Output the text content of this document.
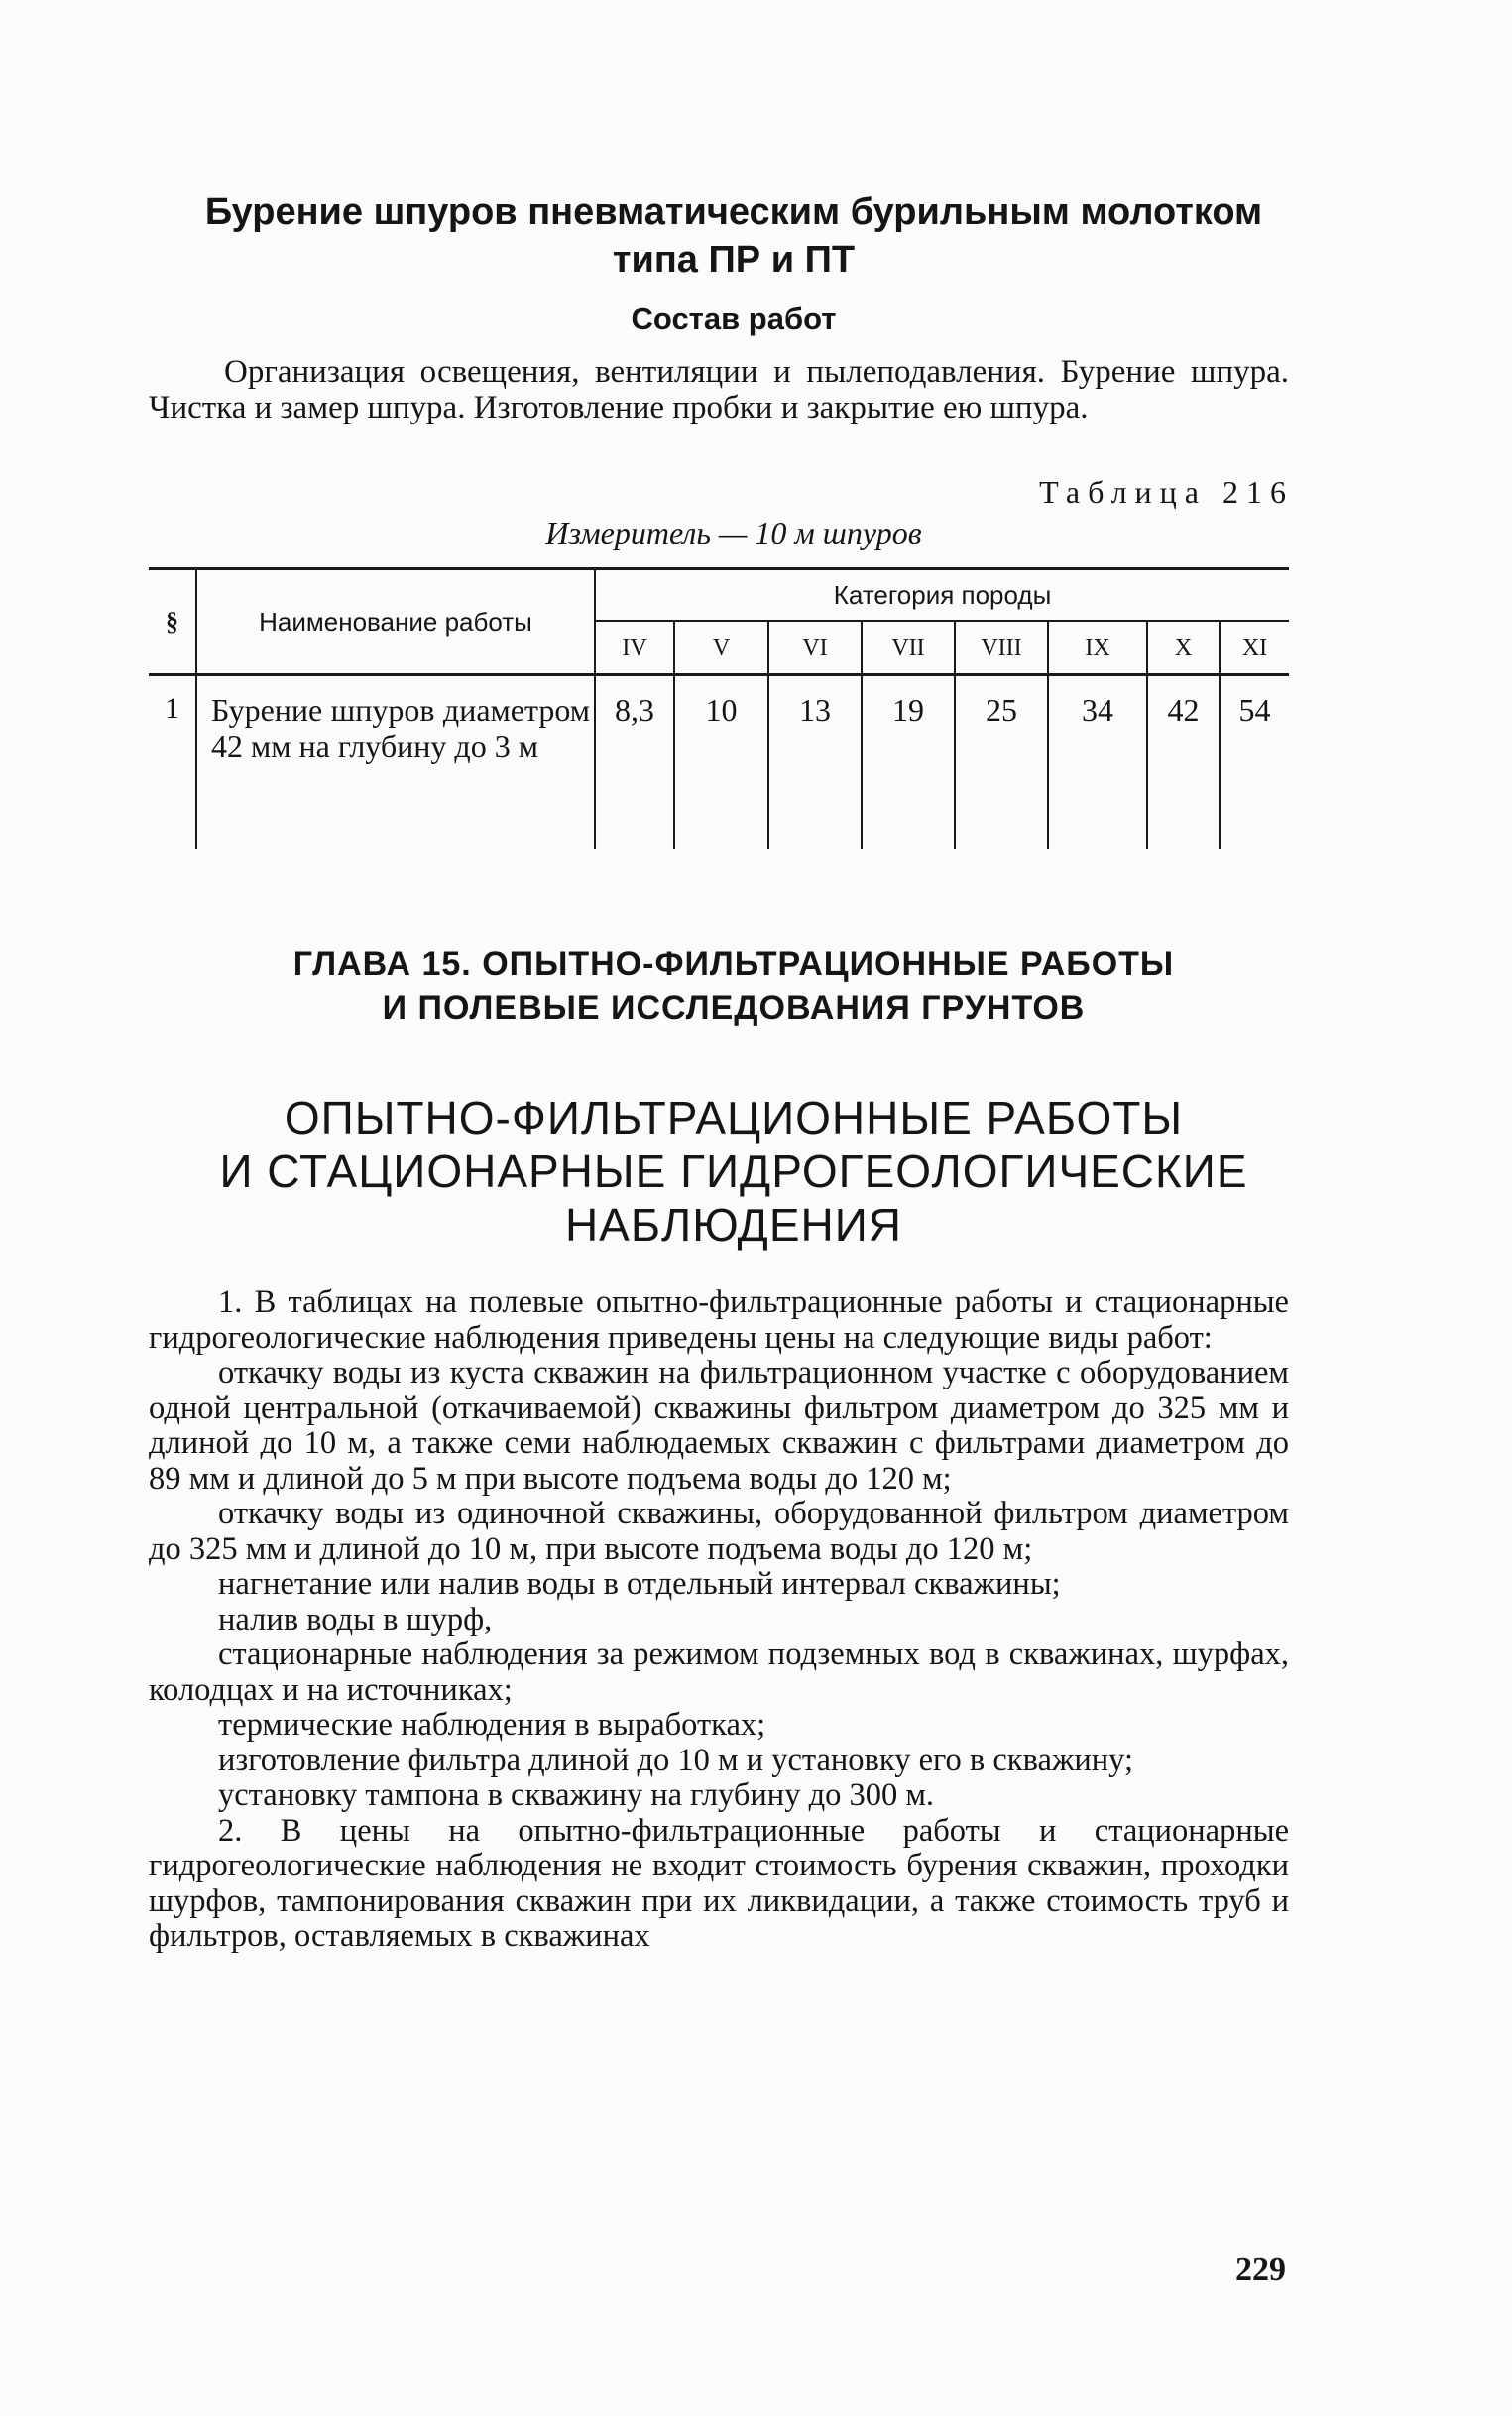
Бурение шпуров пневматическим бурильным молотком
типа ПР и ПТ
Состав работ
Организация освещения, вентиляции и пылеподавления. Бурение шпура. Чистка и замер шпура. Изготовление пробки и закрытие ею шпура.
Таблица 216
Измеритель — 10 м шпуров
§	Наименование работы	Категория породы							
		IV	V	VI	VII	VIII	IX	X	XI
1	Бурение шпуров диаметром 42 мм на глубину до 3 м	8,3	10	13	19	25	34	42	54
ГЛАВА 15. ОПЫТНО-ФИЛЬТРАЦИОННЫЕ РАБОТЫ
И ПОЛЕВЫЕ ИССЛЕДОВАНИЯ ГРУНТОВ
ОПЫТНО-ФИЛЬТРАЦИОННЫЕ РАБОТЫ
И СТАЦИОНАРНЫЕ ГИДРОГЕОЛОГИЧЕСКИЕ
НАБЛЮДЕНИЯ

1. В таблицах на полевые опытно-фильтрационные работы и стационарные гидрогеологические наблюдения приведены цены на следующие виды работ:

откачку воды из куста скважин на фильтрационном участке с оборудованием одной центральной (откачиваемой) скважины фильтром диаметром до 325 мм и длиной до 10 м, а также семи наблюдаемых скважин с фильтрами диаметром до 89 мм и длиной до 5 м при высоте подъема воды до 120 м;

откачку воды из одиночной скважины, оборудованной фильтром диаметром до 325 мм и длиной до 10 м, при высоте подъема воды до 120 м;

нагнетание или налив воды в отдельный интервал скважины;

налив воды в шурф,

стационарные наблюдения за режимом подземных вод в скважинах, шурфах, колодцах и на источниках;

термические наблюдения в выработках;

изготовление фильтра длиной до 10 м и установку его в скважину;

установку тампона в скважину на глубину до 300 м.

2. В цены на опытно-фильтрационные работы и стационарные гидрогеологические наблюдения не входит стоимость бурения скважин, проходки шурфов, тампонирования скважин при их ликвидации, а также стоимость труб и фильтров, оставляемых в скважинах

229
